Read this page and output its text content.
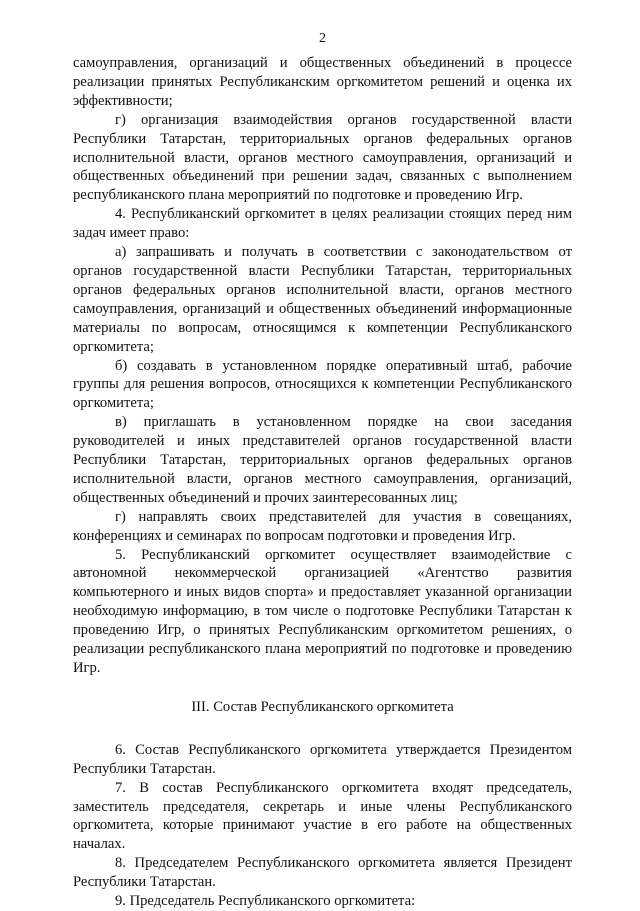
2

самоуправления, организаций и общественных объединений в процессе реализации принятых Республиканским оргкомитетом решений и оценка их эффективности;

г) организация взаимодействия органов государственной власти Республики Татарстан, территориальных органов федеральных органов исполнительной власти, органов местного самоуправления, организаций и общественных объединений при решении задач, связанных с выполнением республиканского плана мероприятий по подготовке и проведению Игр.

4. Республиканский оргкомитет в целях реализации стоящих перед ним задач имеет право:

а) запрашивать и получать в соответствии с законодательством от органов государственной власти Республики Татарстан, территориальных органов федеральных органов исполнительной власти, органов местного самоуправления, организаций и общественных объединений информационные материалы по вопросам, относящимся к компетенции Республиканского оргкомитета;

б) создавать в установленном порядке оперативный штаб, рабочие группы для решения вопросов, относящихся к компетенции Республиканского оргкомитета;

в) приглашать в установленном порядке на свои заседания руководителей и иных представителей органов государственной власти Республики Татарстан, территориальных органов федеральных органов исполнительной власти, органов местного самоуправления, организаций, общественных объединений и прочих заинтересованных лиц;

г) направлять своих представителей для участия в совещаниях, конференциях и семинарах по вопросам подготовки и проведения Игр.

5. Республиканский оргкомитет осуществляет взаимодействие с автономной некоммерческой организацией «Агентство развития компьютерного и иных видов спорта» и предоставляет указанной организации необходимую информацию, в том числе о подготовке Республики Татарстан к проведению Игр, о принятых Республиканским оргкомитетом решениях, о реализации республиканского плана мероприятий по подготовке и проведению Игр.

III. Состав Республиканского оргкомитета

6. Состав Республиканского оргкомитета утверждается Президентом Республики Татарстан.

7. В состав Республиканского оргкомитета входят председатель, заместитель председателя, секретарь и иные члены Республиканского оргкомитета, которые принимают участие в его работе на общественных началах.

8. Председателем Республиканского оргкомитета является Президент Республики Татарстан.

9. Председатель Республиканского оргкомитета:
